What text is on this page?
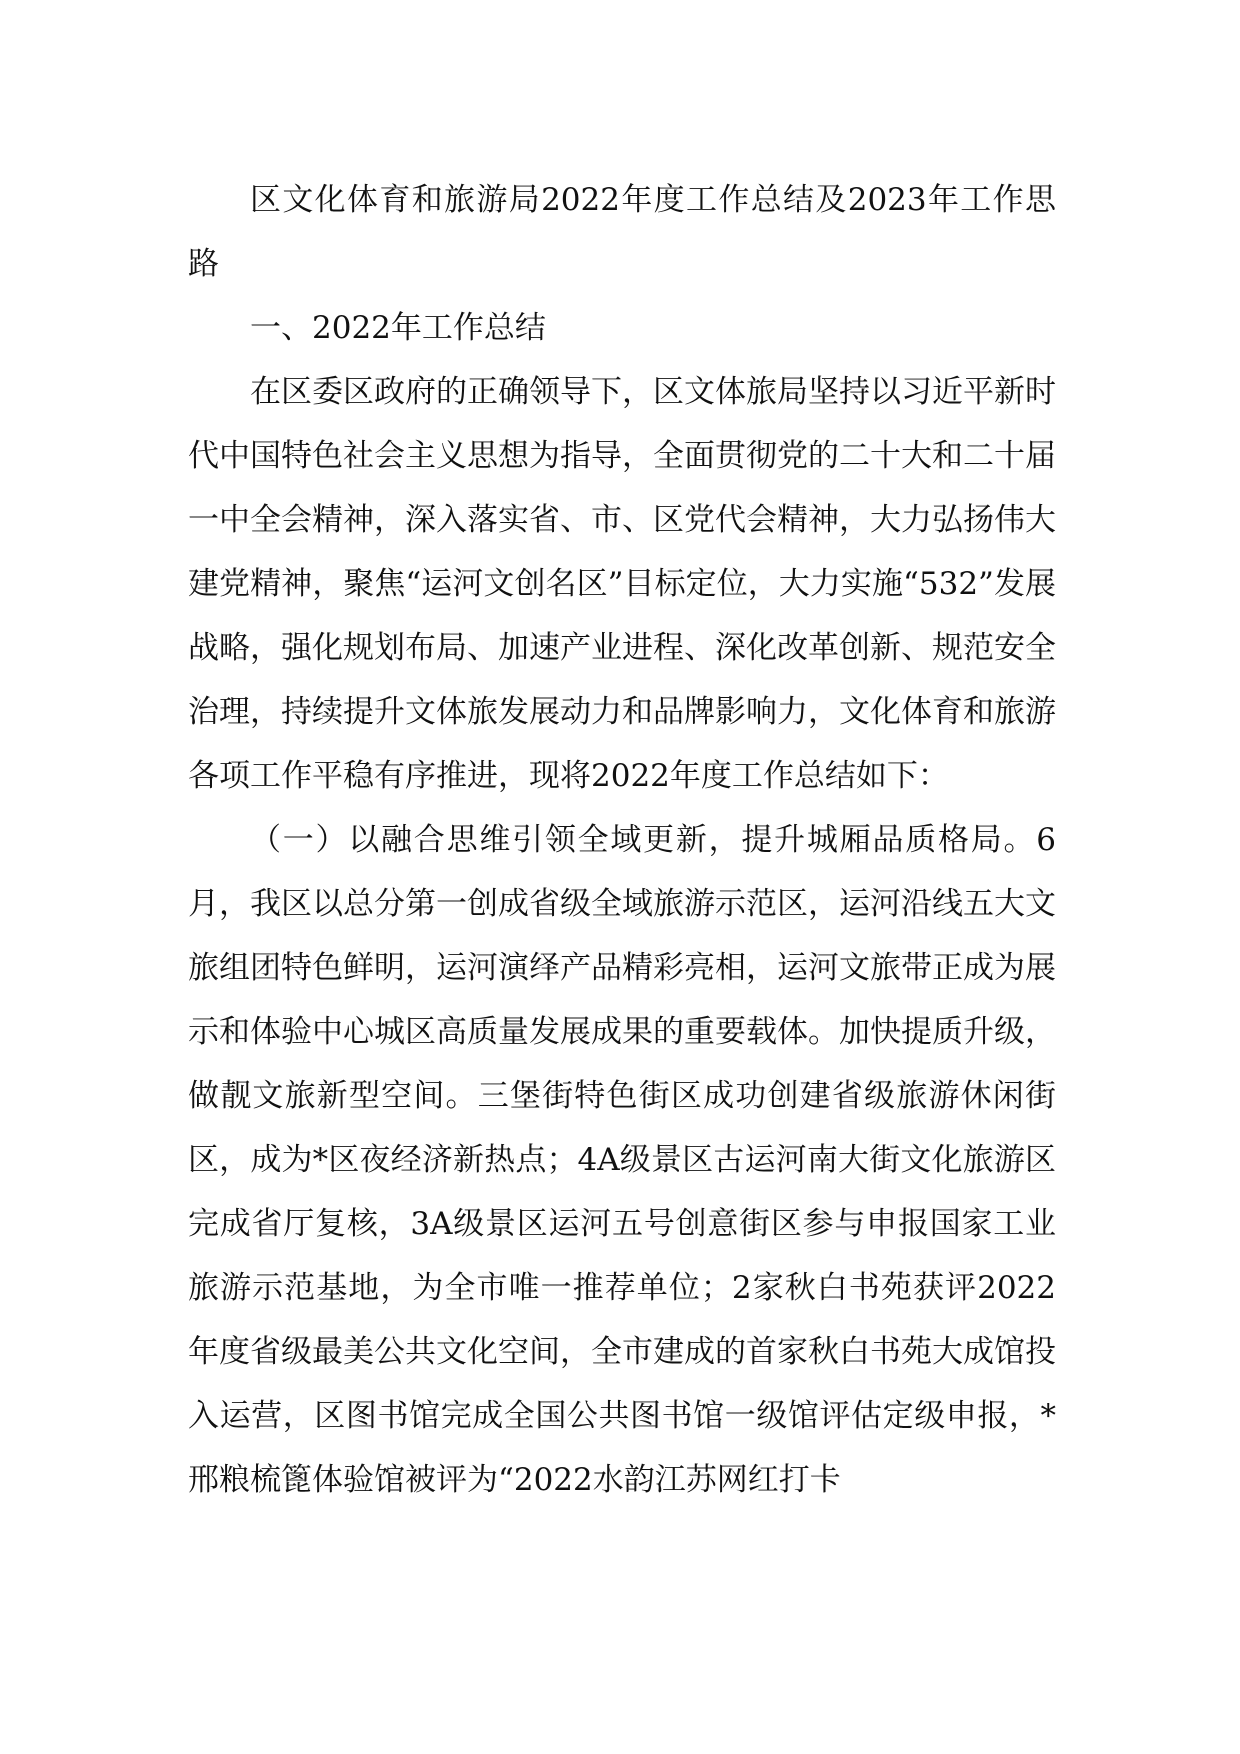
区文化体育和旅游局2022年度工作总结及2023年工作思路

一、2022年工作总结

在区委区政府的正确领导下，区文体旅局坚持以习近平新时代中国特色社会主义思想为指导，全面贯彻党的二十大和二十届一中全会精神，深入落实省、市、区党代会精神，大力弘扬伟大建党精神，聚焦“运河文创名区”目标定位，大力实施“532”发展战略，强化规划布局、加速产业进程、深化改革创新、规范安全治理，持续提升文体旅发展动力和品牌影响力，文化体育和旅游各项工作平稳有序推进，现将2022年度工作总结如下：

（一）以融合思维引领全域更新，提升城厢品质格局。6月，我区以总分第一创成省级全域旅游示范区，运河沿线五大文旅组团特色鲜明，运河演绎产品精彩亮相，运河文旅带正成为展示和体验中心城区高质量发展成果的重要载体。加快提质升级，做靓文旅新型空间。三堡街特色街区成功创建省级旅游休闲街区，成为*区夜经济新热点；4A级景区古运河南大街文化旅游区完成省厅复核，3A级景区运河五号创意街区参与申报国家工业旅游示范基地，为全市唯一推荐单位；2家秋白书苑获评2022年度省级最美公共文化空间，全市建成的首家秋白书苑大成馆投入运营，区图书馆完成全国公共图书馆一级馆评估定级申报，*邢粮梳篦体验馆被评为“2022水韵江苏网红打卡
